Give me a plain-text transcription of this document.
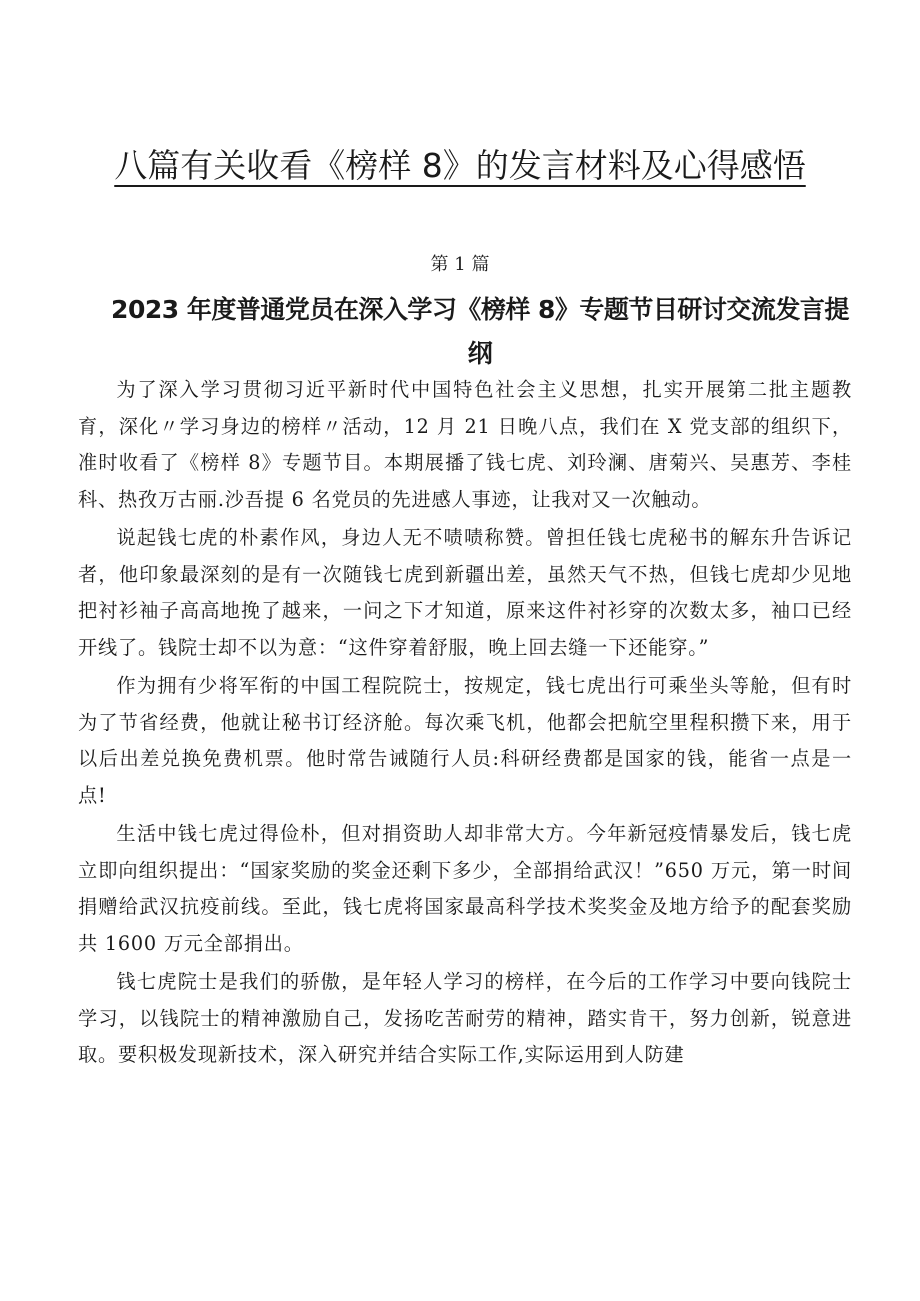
八篇有关收看《榜样 8》的发言材料及心得感悟

第 1 篇

2023 年度普通党员在深入学习《榜样 8》专题节目研讨交流发言提纲

为了深入学习贯彻习近平新时代中国特色社会主义思想，扎实开展第二批主题教育，深化〃学习身边的榜样〃活动，12 月 21 日晚八点，我们在 X 党支部的组织下，准时收看了《榜样 8》专题节目。本期展播了钱七虎、刘玲澜、唐菊兴、吴惠芳、李桂科、热孜万古丽.沙吾提 6 名党员的先进感人事迹，让我对又一次触动。

说起钱七虎的朴素作风，身边人无不啧啧称赞。曾担任钱七虎秘书的解东升告诉记者，他印象最深刻的是有一次随钱七虎到新疆出差，虽然天气不热，但钱七虎却少见地把衬衫袖子高高地挽了越来，一问之下才知道，原来这件衬衫穿的次数太多，袖口已经开线了。钱院士却不以为意：“这件穿着舒服，晚上回去缝一下还能穿。”

作为拥有少将军衔的中国工程院院士，按规定，钱七虎出行可乘坐头等舱，但有时为了节省经费，他就让秘书订经济舱。每次乘飞机，他都会把航空里程积攒下来，用于以后出差兑换免费机票。他时常告诫随行人员:科研经费都是国家的钱，能省一点是一点!

生活中钱七虎过得俭朴，但对捐资助人却非常大方。今年新冠疫情暴发后，钱七虎立即向组织提出：“国家奖励的奖金还剩下多少，全部捐给武汉！”650 万元，第一时间捐赠给武汉抗疫前线。至此，钱七虎将国家最高科学技术奖奖金及地方给予的配套奖励共 1600 万元全部捐出。

钱七虎院士是我们的骄傲，是年轻人学习的榜样，在今后的工作学习中要向钱院士学习，以钱院士的精神激励自己，发扬吃苦耐劳的精神，踏实肯干，努力创新，锐意进取。要积极发现新技术，深入研究并结合实际工作,实际运用到人防建
